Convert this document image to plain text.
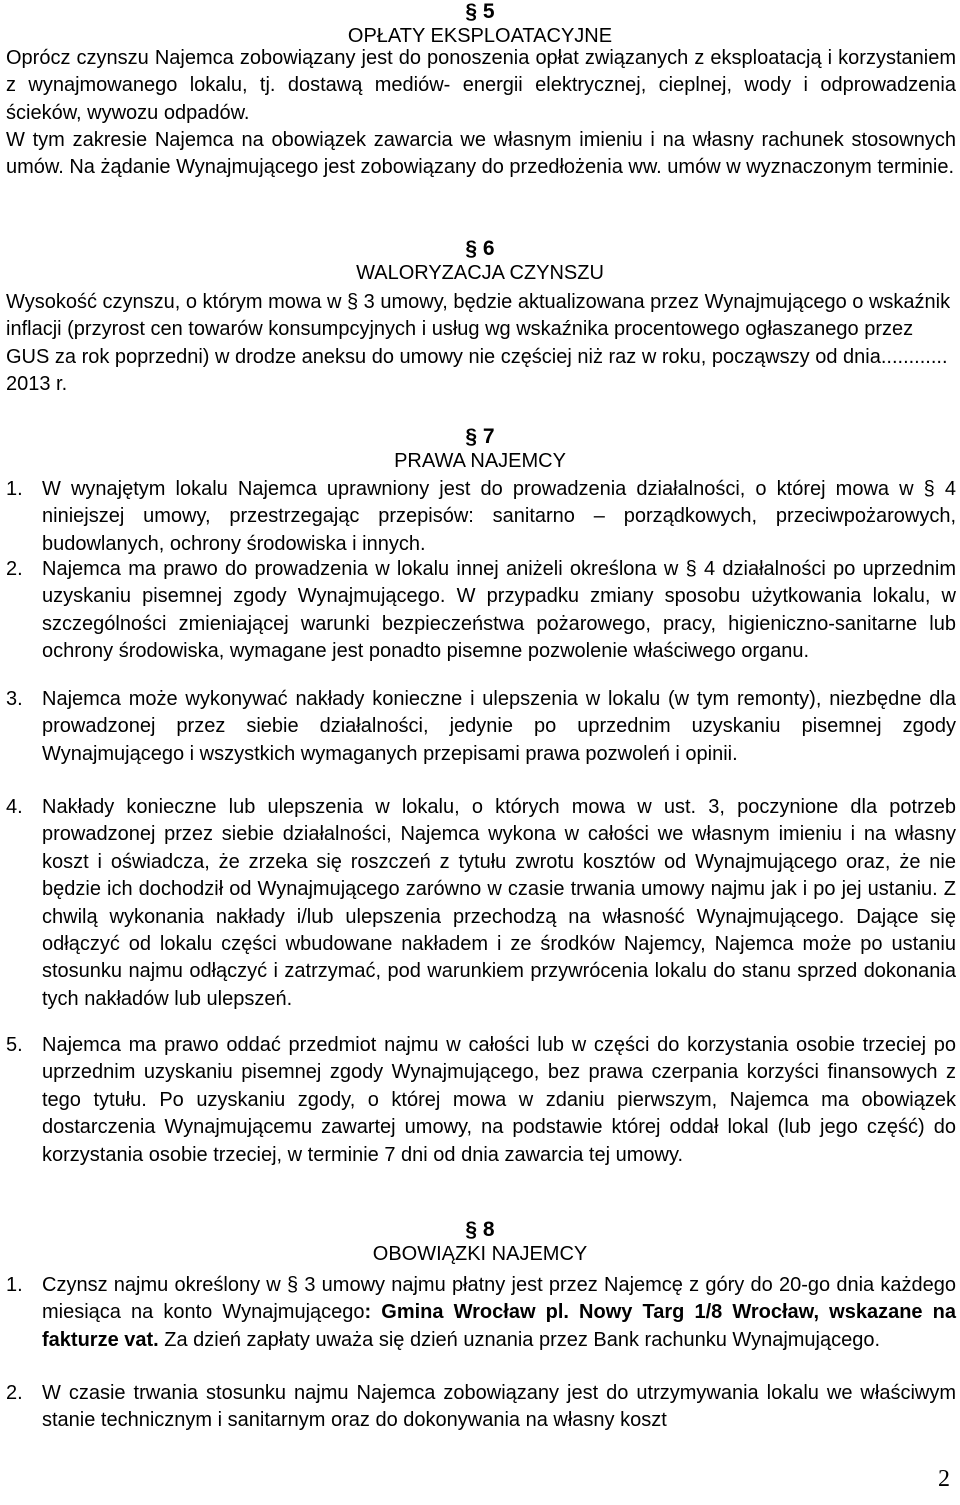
§ 5
OPŁATY EKSPLOATACYJNE
Oprócz czynszu Najemca zobowiązany jest do ponoszenia opłat związanych z eksploatacją i korzystaniem z wynajmowanego lokalu, tj. dostawą mediów- energii elektrycznej, cieplnej, wody i odprowadzenia ścieków, wywozu odpadów.
W tym zakresie Najemca na obowiązek zawarcia we własnym imieniu i na własny rachunek stosownych umów. Na żądanie Wynajmującego jest zobowiązany do przedłożenia ww. umów w wyznaczonym terminie.
§ 6
WALORYZACJA CZYNSZU
Wysokość czynszu, o którym mowa w § 3 umowy, będzie aktualizowana przez Wynajmującego o wskaźnik inflacji (przyrost cen towarów konsumpcyjnych i usług wg wskaźnika procentowego ogłaszanego przez GUS za rok poprzedni) w drodze aneksu do umowy nie częściej niż raz w roku, począwszy od dnia............ 2013 r.
§ 7
PRAWA NAJEMCY
1. W wynajętym lokalu Najemca uprawniony jest do prowadzenia działalności, o której mowa w § 4 niniejszej umowy, przestrzegając przepisów: sanitarno – porządkowych, przeciwpożarowych, budowlanych, ochrony środowiska i innych.
2. Najemca ma prawo do prowadzenia w lokalu innej aniżeli określona w § 4 działalności po uprzednim uzyskaniu pisemnej zgody Wynajmującego. W przypadku zmiany sposobu użytkowania lokalu, w szczególności zmieniającej warunki bezpieczeństwa pożarowego, pracy, higieniczno-sanitarne lub ochrony środowiska, wymagane jest ponadto pisemne pozwolenie właściwego organu.
3. Najemca może wykonywać nakłady konieczne i ulepszenia w lokalu (w tym remonty), niezbędne dla prowadzonej przez siebie działalności, jedynie po uprzednim uzyskaniu pisemnej zgody Wynajmującego i wszystkich wymaganych przepisami prawa pozwoleń i opinii.
4. Nakłady konieczne lub ulepszenia w lokalu, o których mowa w ust. 3, poczynione dla potrzeb prowadzonej przez siebie działalności, Najemca wykona w całości we własnym imieniu i na własny koszt i oświadcza, że zrzeka się roszczeń z tytułu zwrotu kosztów od Wynajmującego oraz, że nie będzie ich dochodził od Wynajmującego zarówno w czasie trwania umowy najmu jak i po jej ustaniu. Z chwilą wykonania nakłady i/lub ulepszenia przechodzą na własność Wynajmującego. Dające się odłączyć od lokalu części wbudowane nakładem i ze środków Najemcy, Najemca może po ustaniu stosunku najmu odłączyć i zatrzymać, pod warunkiem przywrócenia lokalu do stanu sprzed dokonania tych nakładów lub ulepszeń.
5. Najemca ma prawo oddać przedmiot najmu w całości lub w części do korzystania osobie trzeciej po uprzednim uzyskaniu pisemnej zgody Wynajmującego, bez prawa czerpania korzyści finansowych z tego tytułu. Po uzyskaniu zgody, o której mowa w zdaniu pierwszym, Najemca ma obowiązek dostarczenia Wynajmującemu zawartej umowy, na podstawie której oddał lokal (lub jego część) do korzystania osobie trzeciej, w terminie 7 dni od dnia zawarcia tej umowy.
§ 8
OBOWIĄZKI NAJEMCY
1. Czynsz najmu określony w § 3 umowy najmu płatny jest przez Najemcę z góry do 20-go dnia każdego miesiąca na konto Wynajmującego: Gmina Wrocław pl. Nowy Targ 1/8 Wrocław, wskazane na fakturze vat. Za dzień zapłaty uważa się dzień uznania przez Bank rachunku Wynajmującego.
2. W czasie trwania stosunku najmu Najemca zobowiązany jest do utrzymywania lokalu we właściwym stanie technicznym i sanitarnym oraz do dokonywania na własny koszt
2
